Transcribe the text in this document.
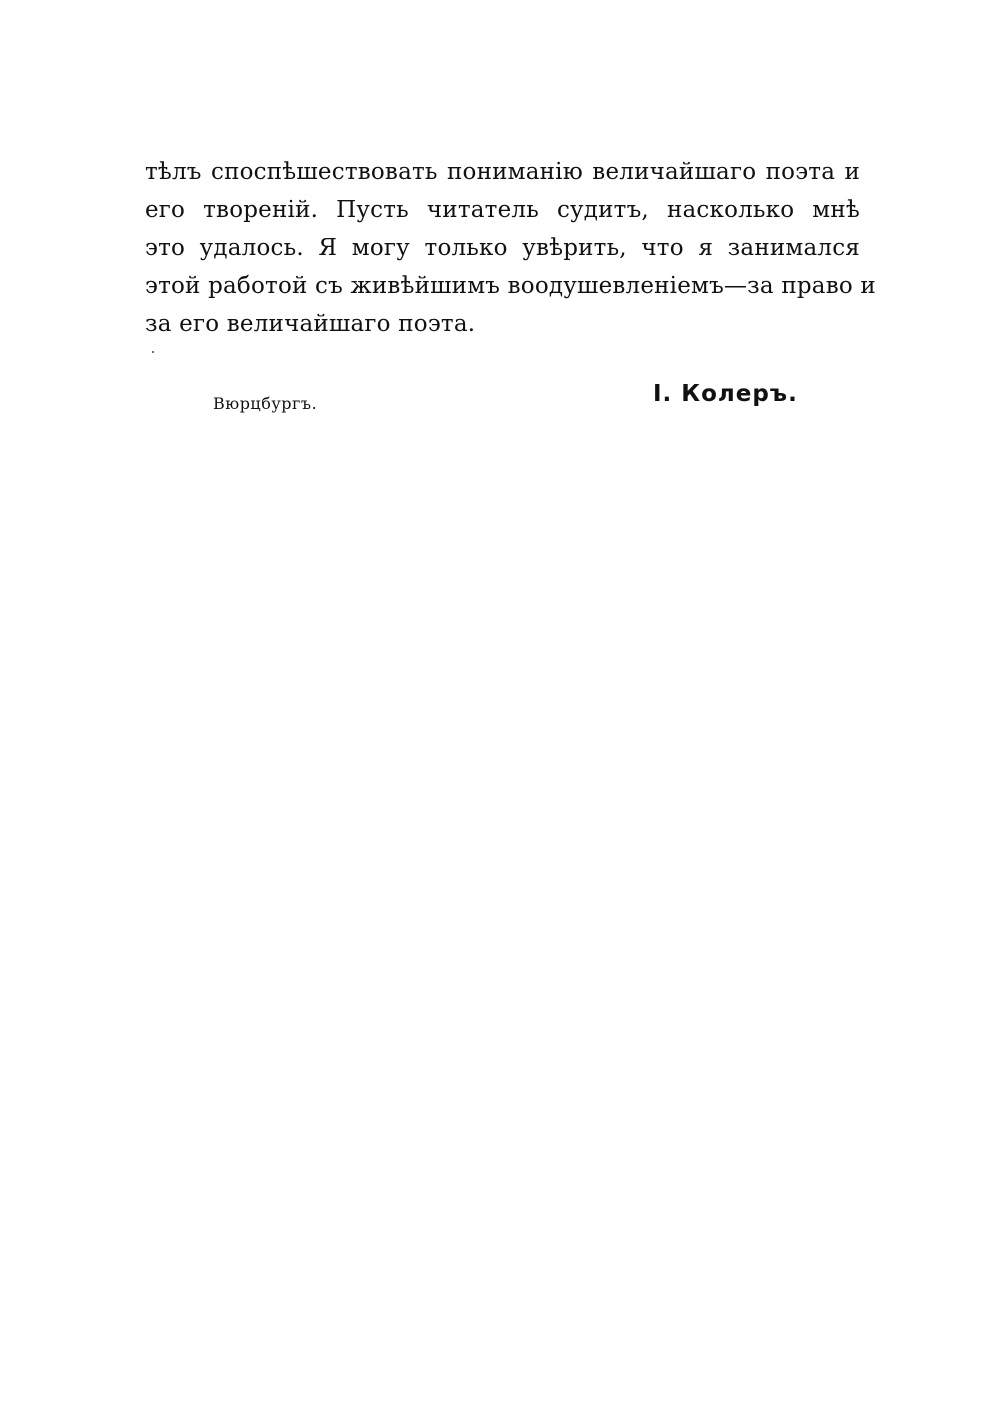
тѣлъ споспѣшествовать пониманію величайшаго поэта и
его творенiй. Пусть читатель судитъ, насколько мнѣ
это удалось. Я могу только увѣрить, что я занимался
этой работой съ живѣйшимъ воодушевленіемъ—за право и
за его величайшаго поэта.
Вюрцбургъ.	І. Колеръ.
